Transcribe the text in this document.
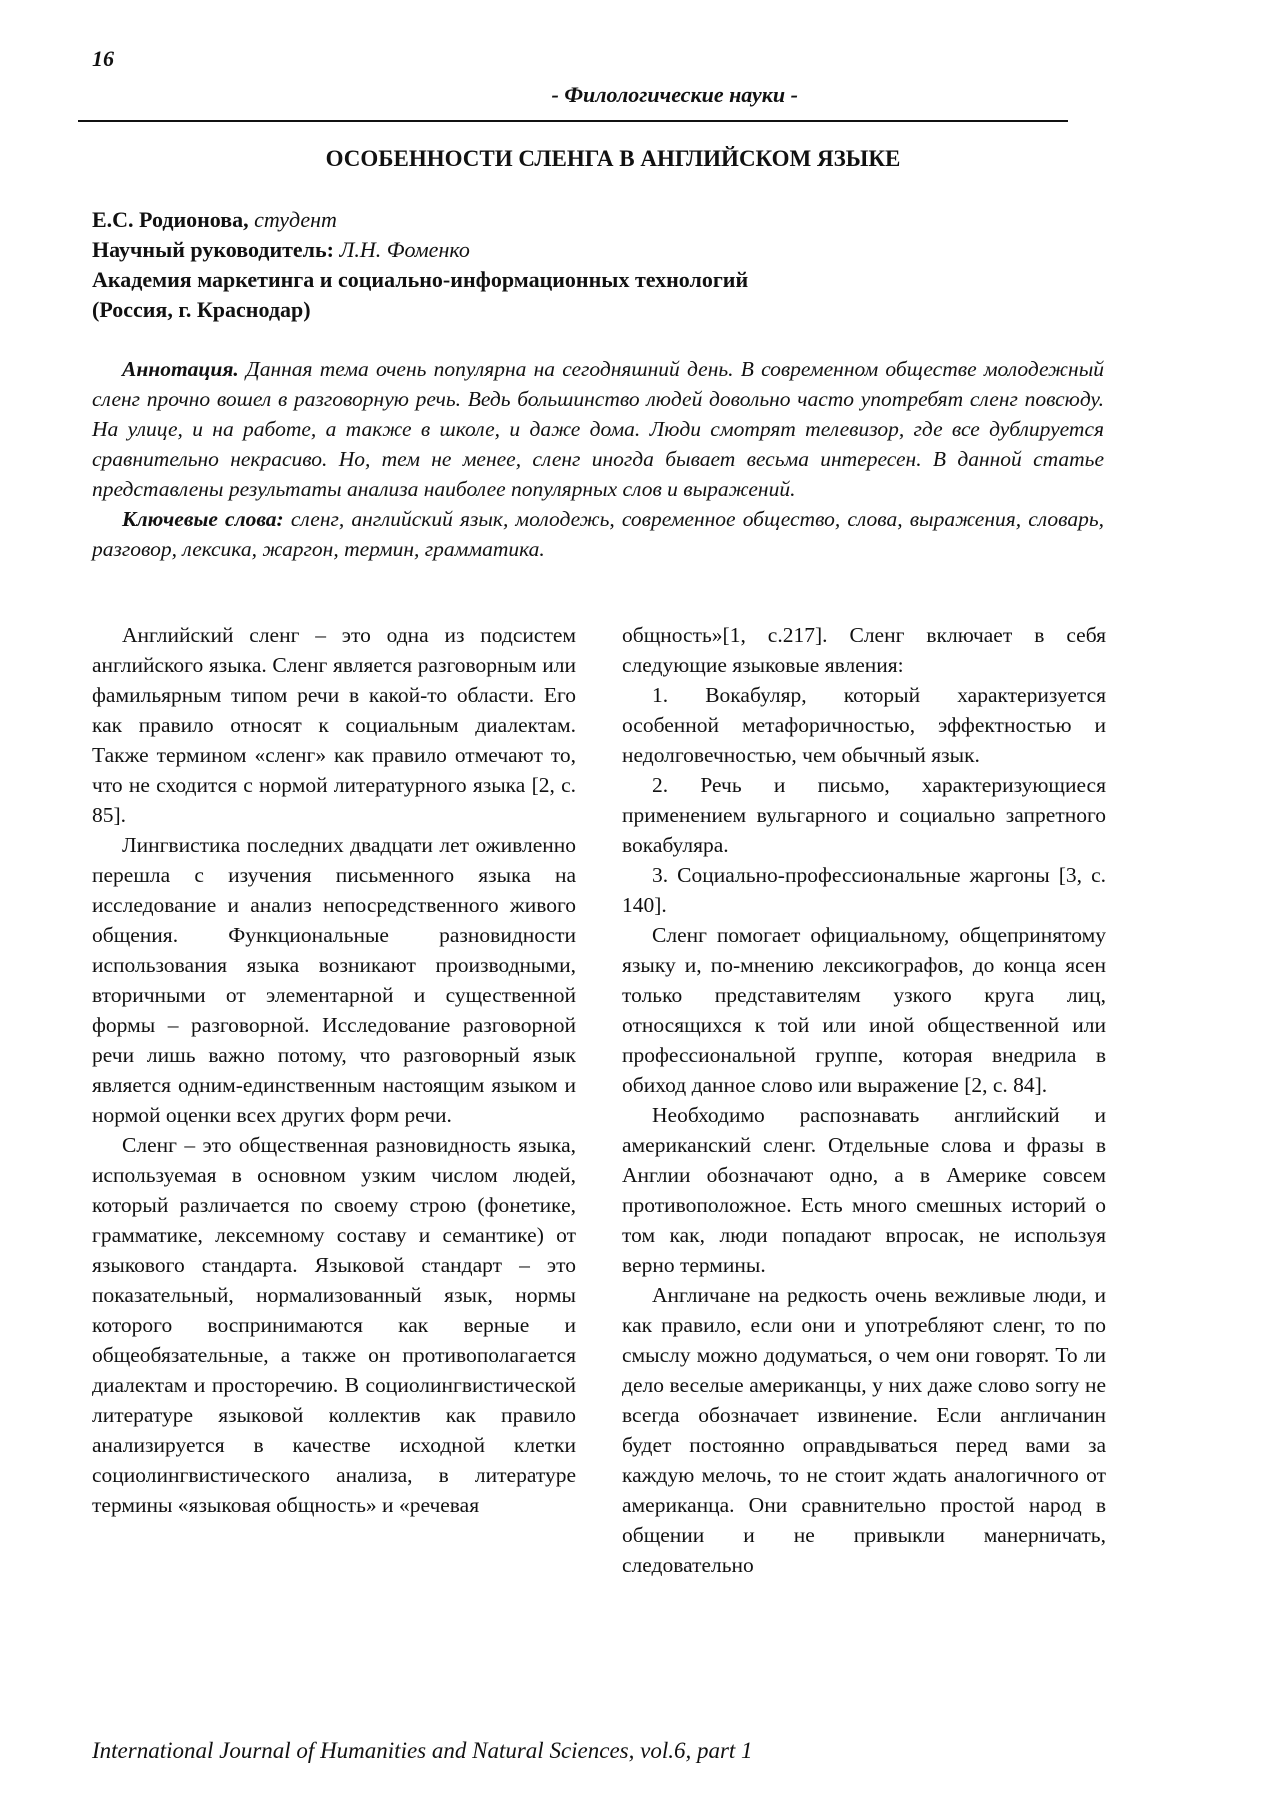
16
- Филологические науки -
ОСОБЕННОСТИ СЛЕНГА В АНГЛИЙСКОМ ЯЗЫКЕ
Е.С. Родионова, студент
Научный руководитель: Л.Н. Фоменко
Академия маркетинга и социально-информационных технологий
(Россия, г. Краснодар)
Аннотация. Данная тема очень популярна на сегодняшний день. В современном обществе молодежный сленг прочно вошел в разговорную речь. Ведь большинство людей довольно часто употребят сленг повсюду. На улице, и на работе, а также в школе, и даже дома. Люди смотрят телевизор, где все дублируется сравнительно некрасиво. Но, тем не менее, сленг иногда бывает весьма интересен. В данной статье представлены результаты анализа наиболее популярных слов и выражений.
Ключевые слова: сленг, английский язык, молодежь, современное общество, слова, выражения, словарь, разговор, лексика, жаргон, термин, грамматика.

Английский сленг – это одна из подсистем английского языка. Сленг является разговорным или фамильярным типом речи в какой-то области. Его как правило относят к социальным диалектам. Также термином «сленг» как правило отмечают то, что не сходится с нормой литературного языка [2, с. 85].

Лингвистика последних двадцати лет оживленно перешла с изучения письменного языка на исследование и анализ непосредственного живого общения. Функциональные разновидности использования языка возникают производными, вторичными от элементарной и существенной формы – разговорной. Исследование разговорной речи лишь важно потому, что разговорный язык является одним-единственным настоящим языком и нормой оценки всех других форм речи.

Сленг – это общественная разновидность языка, используемая в основном узким числом людей, который различается по своему строю (фонетике, грамматике, лексемному составу и семантике) от языкового стандарта. Языковой стандарт – это показательный, нормализованный язык, нормы которого воспринимаются как верные и общеобязательные, а также он противополагается диалектам и просторечию. В социолингвистической литературе языковой коллектив как правило анализируется в качестве исходной клетки социолингвистического анализа, в литературе термины «языковая общность» и «речевая

общность»[1, с.217]. Сленг включает в себя следующие языковые явления:

1. Вокабуляр, который характеризуется особенной метафоричностью, эффектностью и недолговечностью, чем обычный язык.

2. Речь и письмо, характеризующиеся применением вульгарного и социально запретного вокабуляра.

3. Социально-профессиональные жаргоны [3, с. 140].

Сленг помогает официальному, общепринятому языку и, по-мнению лексикографов, до конца ясен только представителям узкого круга лиц, относящихся к той или иной общественной или профессиональной группе, которая внедрила в обиход данное слово или выражение [2, с. 84].

Необходимо распознавать английский и американский сленг. Отдельные слова и фразы в Англии обозначают одно, а в Америке совсем противоположное. Есть много смешных историй о том как, люди попадают впросак, не используя верно термины.

Англичане на редкость очень вежливые люди, и как правило, если они и употребляют сленг, то по смыслу можно додуматься, о чем они говорят. То ли дело веселые американцы, у них даже слово sorry не всегда обозначает извинение. Если англичанин будет постоянно оправдываться перед вами за каждую мелочь, то не стоит ждать аналогичного от американца. Они сравнительно простой народ в общении и не привыкли манерничать, следовательно

International Journal of Humanities and Natural Sciences, vol.6, part 1
